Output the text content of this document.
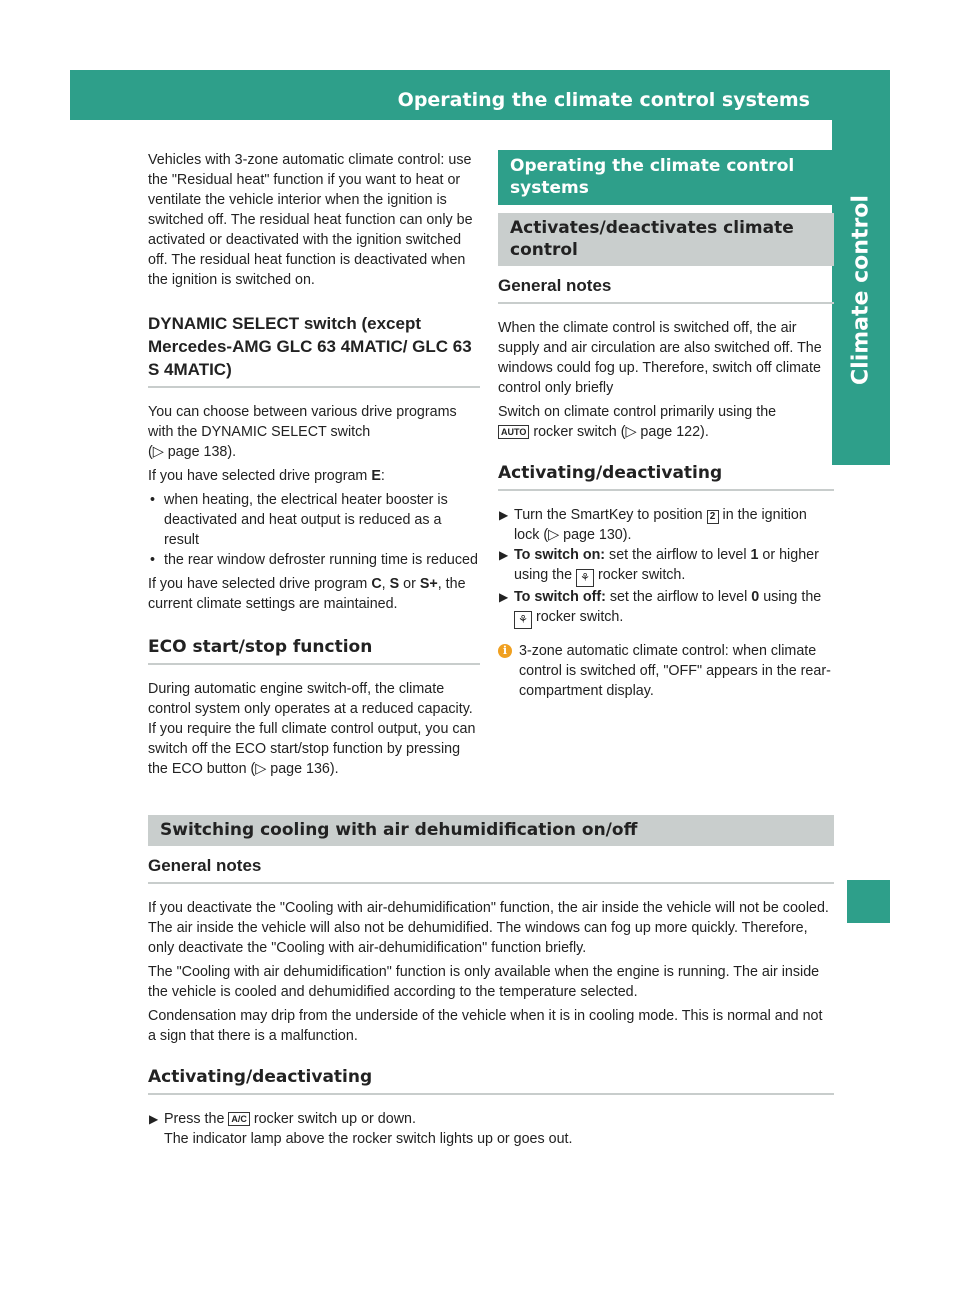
Operating the climate control systems	121
Climate control

Vehicles with 3-zone automatic climate control: use the "Residual heat" function if you want to heat or ventilate the vehicle interior when the ignition is switched off. The residual heat function can only be activated or deactivated with the ignition switched off. The residual heat function is deactivated when the ignition is switched on.

DYNAMIC SELECT switch (except Mercedes-AMG GLC 63 4MATIC/ GLC 63 S 4MATIC)

You can choose between various drive programs with the DYNAMIC SELECT switch
(▷ page 138).

If you have selected drive program E:

• when heating, the electrical heater booster is deactivated and heat output is reduced as a result
• the rear window defroster running time is reduced

If you have selected drive program C, S or S+, the current climate settings are maintained.

ECO start/stop function

During automatic engine switch-off, the climate control system only operates at a reduced capacity. If you require the full climate control output, you can switch off the ECO start/stop function by pressing the ECO button (▷ page 136).

Operating the climate control systems
Activates/deactivates climate control
General notes

When the climate control is switched off, the air supply and air circulation are also switched off. The windows could fog up. Therefore, switch off climate control only briefly

Switch on climate control primarily using the
AUTO rocker switch (▷ page 122).

Activating/deactivating
▶ Turn the SmartKey to position 2 in the ignition lock (▷ page 130).
▶ To switch on: set the airflow to level 1 or higher using the ⚘ rocker switch.
▶ To switch off: set the airflow to level 0 using the ⚘ rocker switch.
i 3-zone automatic climate control: when climate control is switched off, "OFF" appears in the rear-compartment display.

Switching cooling with air dehumidification on/off
General notes

If you deactivate the "Cooling with air-dehumidification" function, the air inside the vehicle will not be cooled. The air inside the vehicle will also not be dehumidified. The windows can fog up more quickly. Therefore, only deactivate the "Cooling with air-dehumidification" function briefly.

The "Cooling with air dehumidification" function is only available when the engine is running. The air inside the vehicle is cooled and dehumidified according to the temperature selected.

Condensation may drip from the underside of the vehicle when it is in cooling mode. This is normal and not a sign that there is a malfunction.

Activating/deactivating
▶ Press the A/C rocker switch up or down.
The indicator lamp above the rocker switch lights up or goes out.
